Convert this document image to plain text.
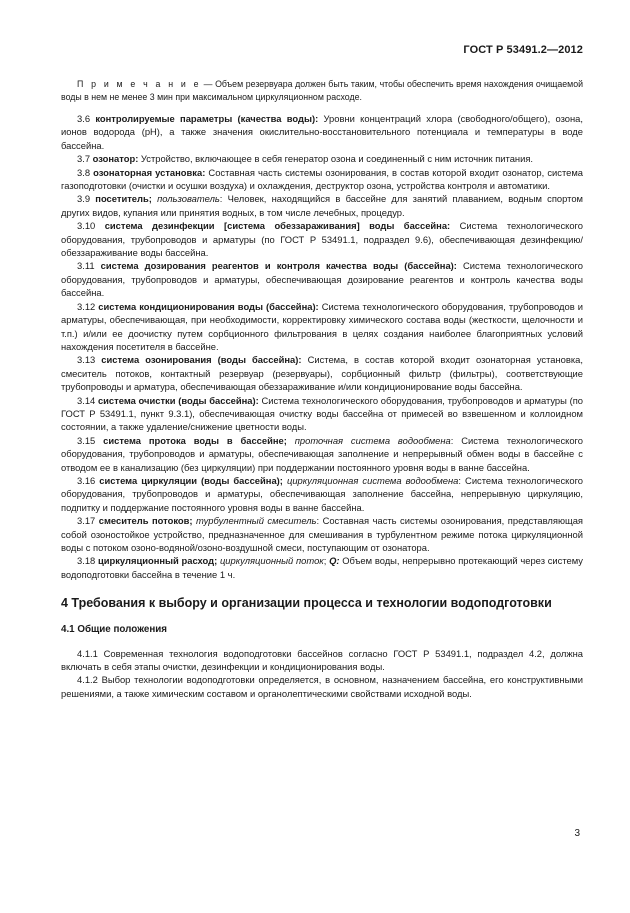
ГОСТ Р 53491.2—2012
П р и м е ч а н и е — Объем резервуара должен быть таким, чтобы обеспечить время нахождения очищаемой воды в нем не менее 3 мин при максимальном циркуляционном расходе.

3.6 контролируемые параметры (качества воды): Уровни концентраций хлора (свободного/общего), озона, ионов водорода (pH), а также значения окислительно-восстановительного потенциала и температуры в воде бассейна.

3.7 озонатор: Устройство, включающее в себя генератор озона и соединенный с ним источник питания.

3.8 озонаторная установка: Составная часть системы озонирования, в состав которой входит озонатор, система газоподготовки (очистки и осушки воздуха) и охлаждения, деструктор озона, устройства контроля и автоматики.

3.9 посетитель; пользователь: Человек, находящийся в бассейне для занятий плаванием, водным спортом других видов, купания или принятия водных, в том числе лечебных, процедур.

3.10 система дезинфекции [система обеззараживания] воды бассейна: Система технологического оборудования, трубопроводов и арматуры (по ГОСТ Р 53491.1, подраздел 9.6), обеспечивающая дезинфекцию/ обеззараживание воды бассейна.

3.11 система дозирования реагентов и контроля качества воды (бассейна): Система технологического оборудования, трубопроводов и арматуры, обеспечивающая дозирование реагентов и контроль качества воды бассейна.

3.12 система кондиционирования воды (бассейна): Система технологического оборудования, трубопроводов и арматуры, обеспечивающая, при необходимости, корректировку химического состава воды (жесткости, щелочности и т.п.) и/или ее доочистку путем сорбционного фильтрования в целях создания наиболее благоприятных условий нахождения посетителя в бассейне.

3.13 система озонирования (воды бассейна): Система, в состав которой входит озонаторная установка, смеситель потоков, контактный резервуар (резервуары), сорбционный фильтр (фильтры), соответствующие трубопроводы и арматура, обеспечивающая обеззараживание и/или кондиционирование воды бассейна.

3.14 система очистки (воды бассейна): Система технологического оборудования, трубопроводов и арматуры (по ГОСТ Р 53491.1, пункт 9.3.1), обеспечивающая очистку воды бассейна от примесей во взвешенном и коллоидном состоянии, а также удаление/снижение цветности воды.

3.15 система протока воды в бассейне; проточная система водообмена: Система технологического оборудования, трубопроводов и арматуры, обеспечивающая заполнение и непрерывный обмен воды в бассейне с отводом ее в канализацию (без циркуляции) при поддержании постоянного уровня воды в ванне бассейна.

3.16 система циркуляции (воды бассейна); циркуляционная система водообмена: Система технологического оборудования, трубопроводов и арматуры, обеспечивающая заполнение бассейна, непрерывную циркуляцию, подпитку и поддержание постоянного уровня воды в ванне бассейна.

3.17 смеситель потоков; турбулентный смеситель: Составная часть системы озонирования, представляющая собой озоностойкое устройство, предназначенное для смешивания в турбулентном режиме потока циркуляционной воды с потоком озоно-водяной/озоно-воздушной смеси, поступающим от озонатора.

3.18 циркуляционный расход; циркуляционный поток; Q: Объем воды, непрерывно протекающий через систему водоподготовки бассейна в течение 1 ч.

4 Требования к выбору и организации процесса и технологии водоподготовки
4.1 Общие положения

4.1.1 Современная технология водоподготовки бассейнов согласно ГОСТ Р 53491.1, подраздел 4.2, должна включать в себя этапы очистки, дезинфекции и кондиционирования воды.

4.1.2 Выбор технологии водоподготовки определяется, в основном, назначением бассейна, его конструктивными решениями, а также химическим составом и органолептическими свойствами исходной воды.

3
